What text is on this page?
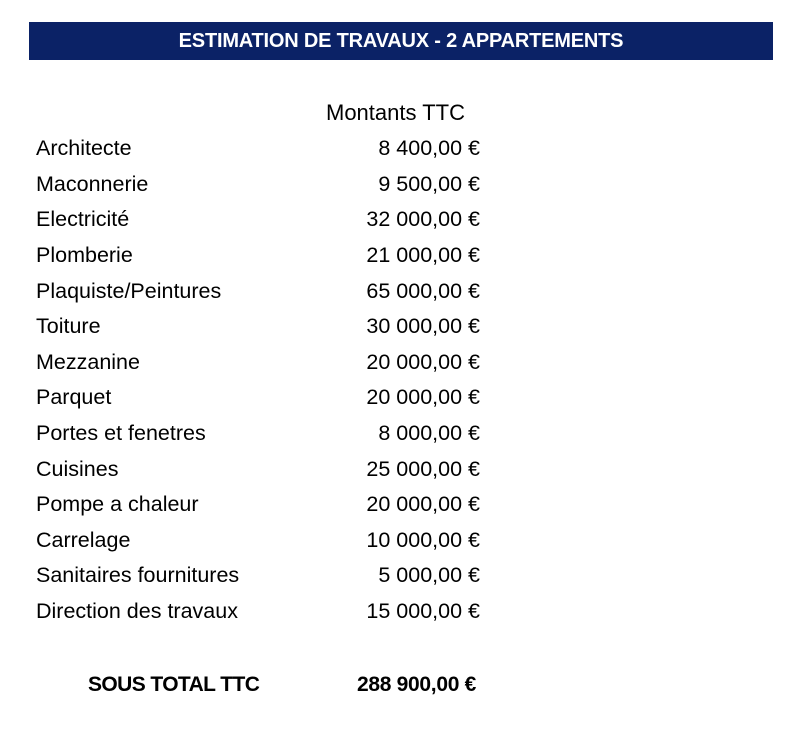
ESTIMATION DE TRAVAUX - 2 APPARTEMENTS
Montants TTC
Architecte	8 400,00 €
Maconnerie	9 500,00 €
Electricité	32 000,00 €
Plomberie	21 000,00 €
Plaquiste/Peintures	65 000,00 €
Toiture	30 000,00 €
Mezzanine	20 000,00 €
Parquet	20 000,00 €
Portes et fenetres	8 000,00 €
Cuisines	25 000,00 €
Pompe a chaleur	20 000,00 €
Carrelage	10 000,00 €
Sanitaires fournitures	5 000,00 €
Direction des travaux	15 000,00 €
SOUS TOTAL TTC	288 900,00 €
